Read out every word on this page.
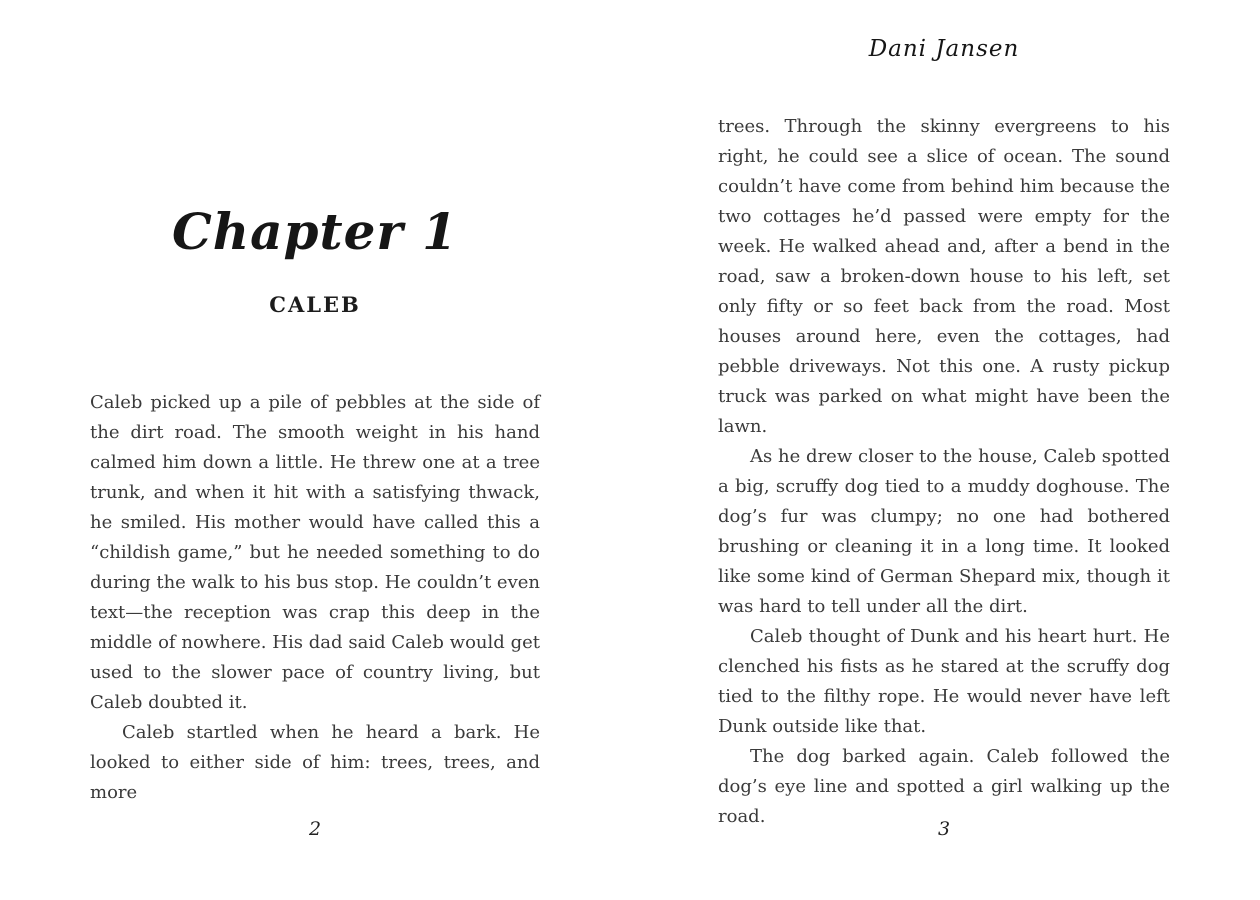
Chapter 1
CALEB

Caleb picked up a pile of pebbles at the side of the dirt road. The smooth weight in his hand calmed him down a little. He threw one at a tree trunk, and when it hit with a satisfying thwack, he smiled. His mother would have called this a “childish game,” but he needed something to do during the walk to his bus stop. He couldn’t even text—the reception was crap this deep in the middle of nowhere. His dad said Caleb would get used to the slower pace of country living, but Caleb doubted it.

Caleb startled when he heard a bark. He looked to either side of him: trees, trees, and more

2
Dani Jansen

trees. Through the skinny evergreens to his right, he could see a slice of ocean. The sound couldn’t have come from behind him because the two cottages he’d passed were empty for the week. He walked ahead and, after a bend in the road, saw a broken-down house to his left, set only fifty or so feet back from the road. Most houses around here, even the cottages, had pebble driveways. Not this one. A rusty pickup truck was parked on what might have been the lawn.

As he drew closer to the house, Caleb spotted a big, scruffy dog tied to a muddy doghouse. The dog’s fur was clumpy; no one had bothered brushing or cleaning it in a long time. It looked like some kind of German Shepard mix, though it was hard to tell under all the dirt.

Caleb thought of Dunk and his heart hurt. He clenched his fists as he stared at the scruffy dog tied to the filthy rope. He would never have left Dunk outside like that.

The dog barked again. Caleb followed the dog’s eye line and spotted a girl walking up the road.

3
